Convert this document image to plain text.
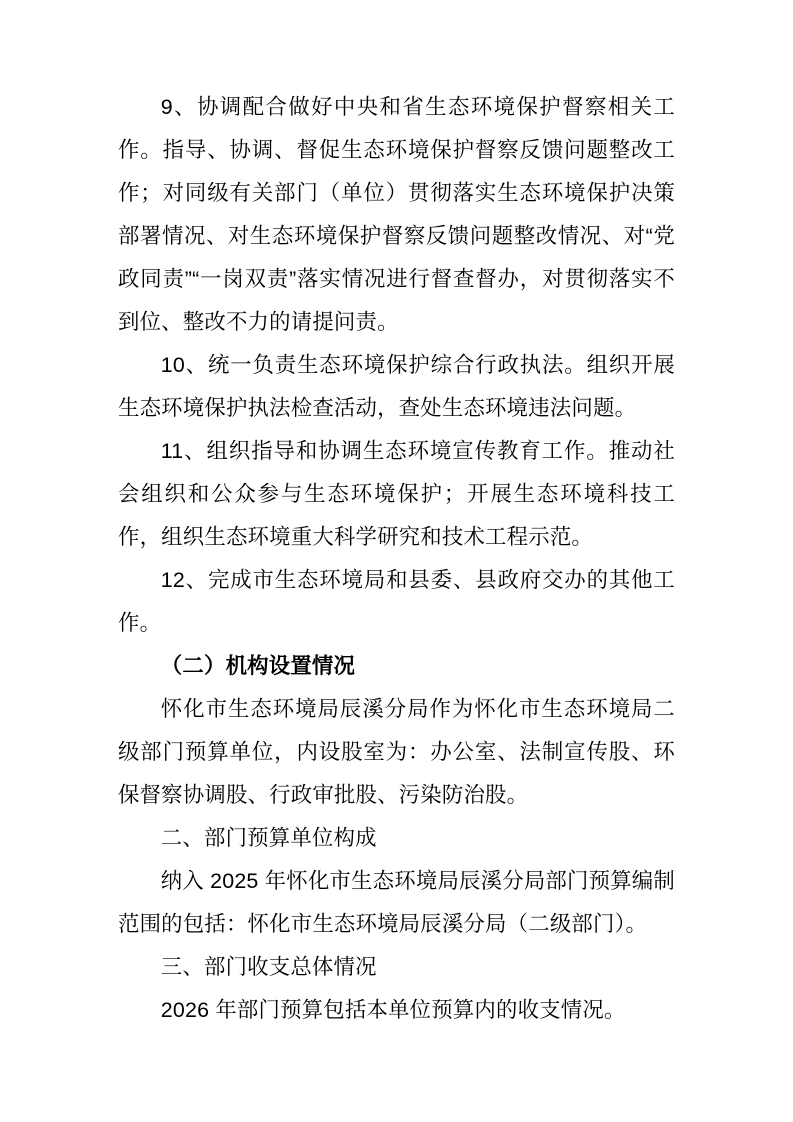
9、协调配合做好中央和省生态环境保护督察相关工作。指导、协调、督促生态环境保护督察反馈问题整改工作；对同级有关部门（单位）贯彻落实生态环境保护决策部署情况、对生态环境保护督察反馈问题整改情况、对“党政同责”“一岗双责”落实情况进行督查督办，对贯彻落实不到位、整改不力的请提问责。

10、统一负责生态环境保护综合行政执法。组织开展生态环境保护执法检查活动，查处生态环境违法问题。

11、组织指导和协调生态环境宣传教育工作。推动社会组织和公众参与生态环境保护；开展生态环境科技工作，组织生态环境重大科学研究和技术工程示范。

12、完成市生态环境局和县委、县政府交办的其他工作。

（二）机构设置情况

怀化市生态环境局辰溪分局作为怀化市生态环境局二级部门预算单位，内设股室为：办公室、法制宣传股、环保督察协调股、行政审批股、污染防治股。

二、部门预算单位构成

纳入 2025 年怀化市生态环境局辰溪分局部门预算编制范围的包括：怀化市生态环境局辰溪分局（二级部门）。

三、部门收支总体情况

2026 年部门预算包括本单位预算内的收支情况。
